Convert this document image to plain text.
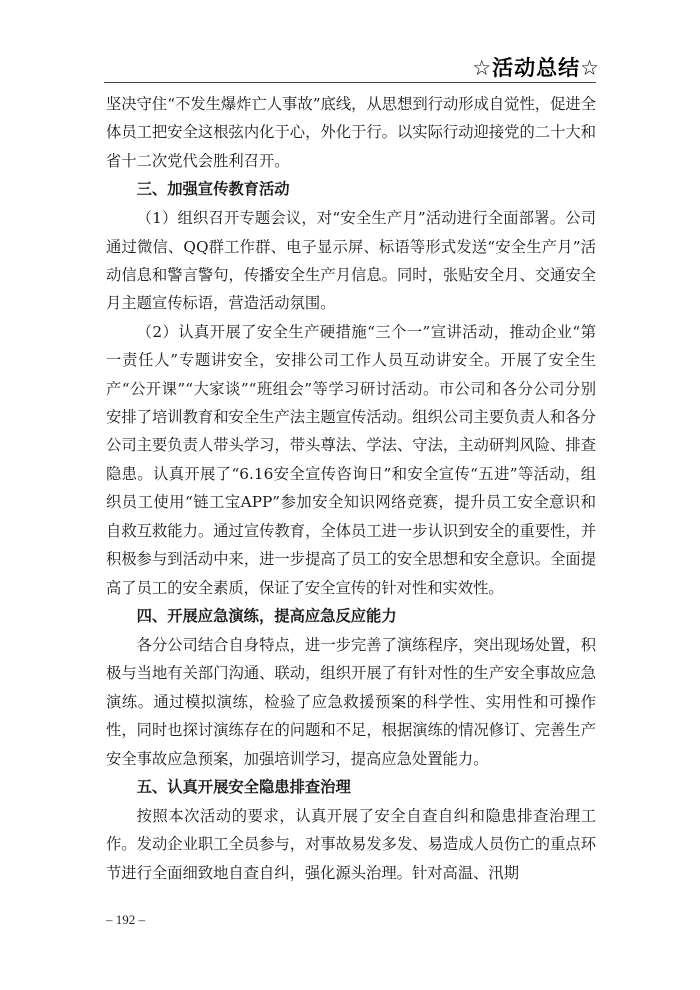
☆活动总结☆

坚决守住“不发生爆炸亡人事故”底线，从思想到行动形成自觉性，促进全体员工把安全这根弦内化于心，外化于行。以实际行动迎接党的二十大和省十二次党代会胜利召开。

三、加强宣传教育活动

（1）组织召开专题会议，对“安全生产月”活动进行全面部署。公司通过微信、QQ群工作群、电子显示屏、标语等形式发送“安全生产月”活动信息和警言警句，传播安全生产月信息。同时，张贴安全月、交通安全月主题宣传标语，营造活动氛围。

（2）认真开展了安全生产硬措施“三个一”宣讲活动，推动企业“第一责任人”专题讲安全，安排公司工作人员互动讲安全。开展了安全生产“公开课”“大家谈”“班组会”等学习研讨活动。市公司和各分公司分别安排了培训教育和安全生产法主题宣传活动。组织公司主要负责人和各分公司主要负责人带头学习，带头尊法、学法、守法，主动研判风险、排查隐患。认真开展了“6.16安全宣传咨询日”和安全宣传“五进”等活动，组织员工使用“链工宝APP”参加安全知识网络竞赛，提升员工安全意识和自救互救能力。通过宣传教育，全体员工进一步认识到安全的重要性，并积极参与到活动中来，进一步提高了员工的安全思想和安全意识。全面提高了员工的安全素质，保证了安全宣传的针对性和实效性。

四、开展应急演练，提高应急反应能力

各分公司结合自身特点，进一步完善了演练程序，突出现场处置，积极与当地有关部门沟通、联动，组织开展了有针对性的生产安全事故应急演练。通过模拟演练，检验了应急救援预案的科学性、实用性和可操作性，同时也探讨演练存在的问题和不足，根据演练的情况修订、完善生产安全事故应急预案，加强培训学习，提高应急处置能力。

五、认真开展安全隐患排查治理

按照本次活动的要求，认真开展了安全自查自纠和隐患排查治理工作。发动企业职工全员参与，对事故易发多发、易造成人员伤亡的重点环节进行全面细致地自查自纠，强化源头治理。针对高温、汛期

– 192 –
